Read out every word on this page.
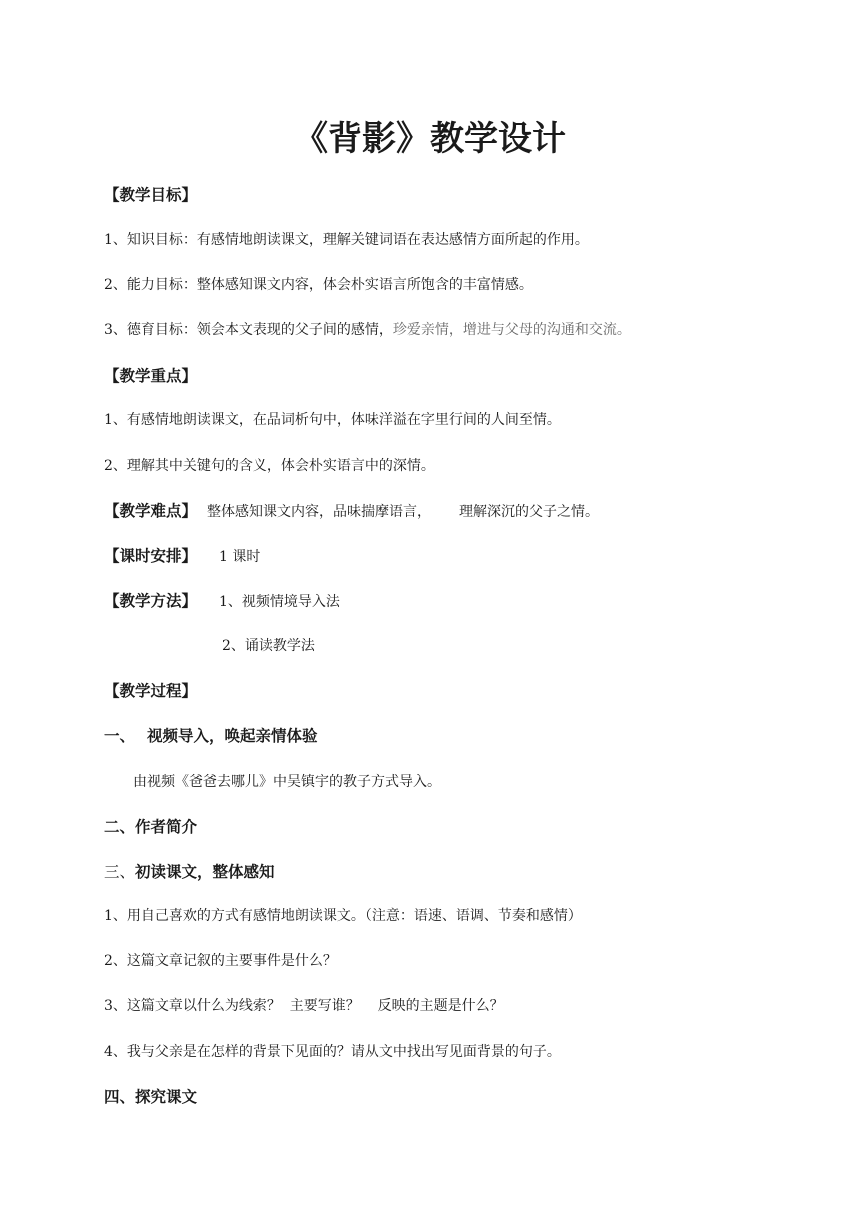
《背影》教学设计

【教学目标】

1、知识目标：有感情地朗读课文，理解关键词语在表达感情方面所起的作用。

2、能力目标：整体感知课文内容，体会朴实语言所饱含的丰富情感。

3、德育目标：领会本文表现的父子间的感情，珍爱亲情，增进与父母的沟通和交流。

【教学重点】

1、有感情地朗读课文，在品词析句中，体味洋溢在字里行间的人间至情。

2、理解其中关键句的含义，体会朴实语言中的深情。

【教学难点】 整体感知课文内容，品味揣摩语言， 理解深沉的父子之情。

【课时安排】 1 课时

【教学方法】 1、视频情境导入法

2、诵读教学法

【教学过程】

一、 视频导入，唤起亲情体验

由视频《爸爸去哪儿》中吴镇宇的教子方式导入。

二、作者简介

三、初读课文，整体感知

1、用自己喜欢的方式有感情地朗读课文。（注意：语速、语调、节奏和感情）

2、这篇文章记叙的主要事件是什么？

3、这篇文章以什么为线索？  主要写谁？    反映的主题是什么？

4、我与父亲是在怎样的背景下见面的？请从文中找出写见面背景的句子。

四、探究课文
